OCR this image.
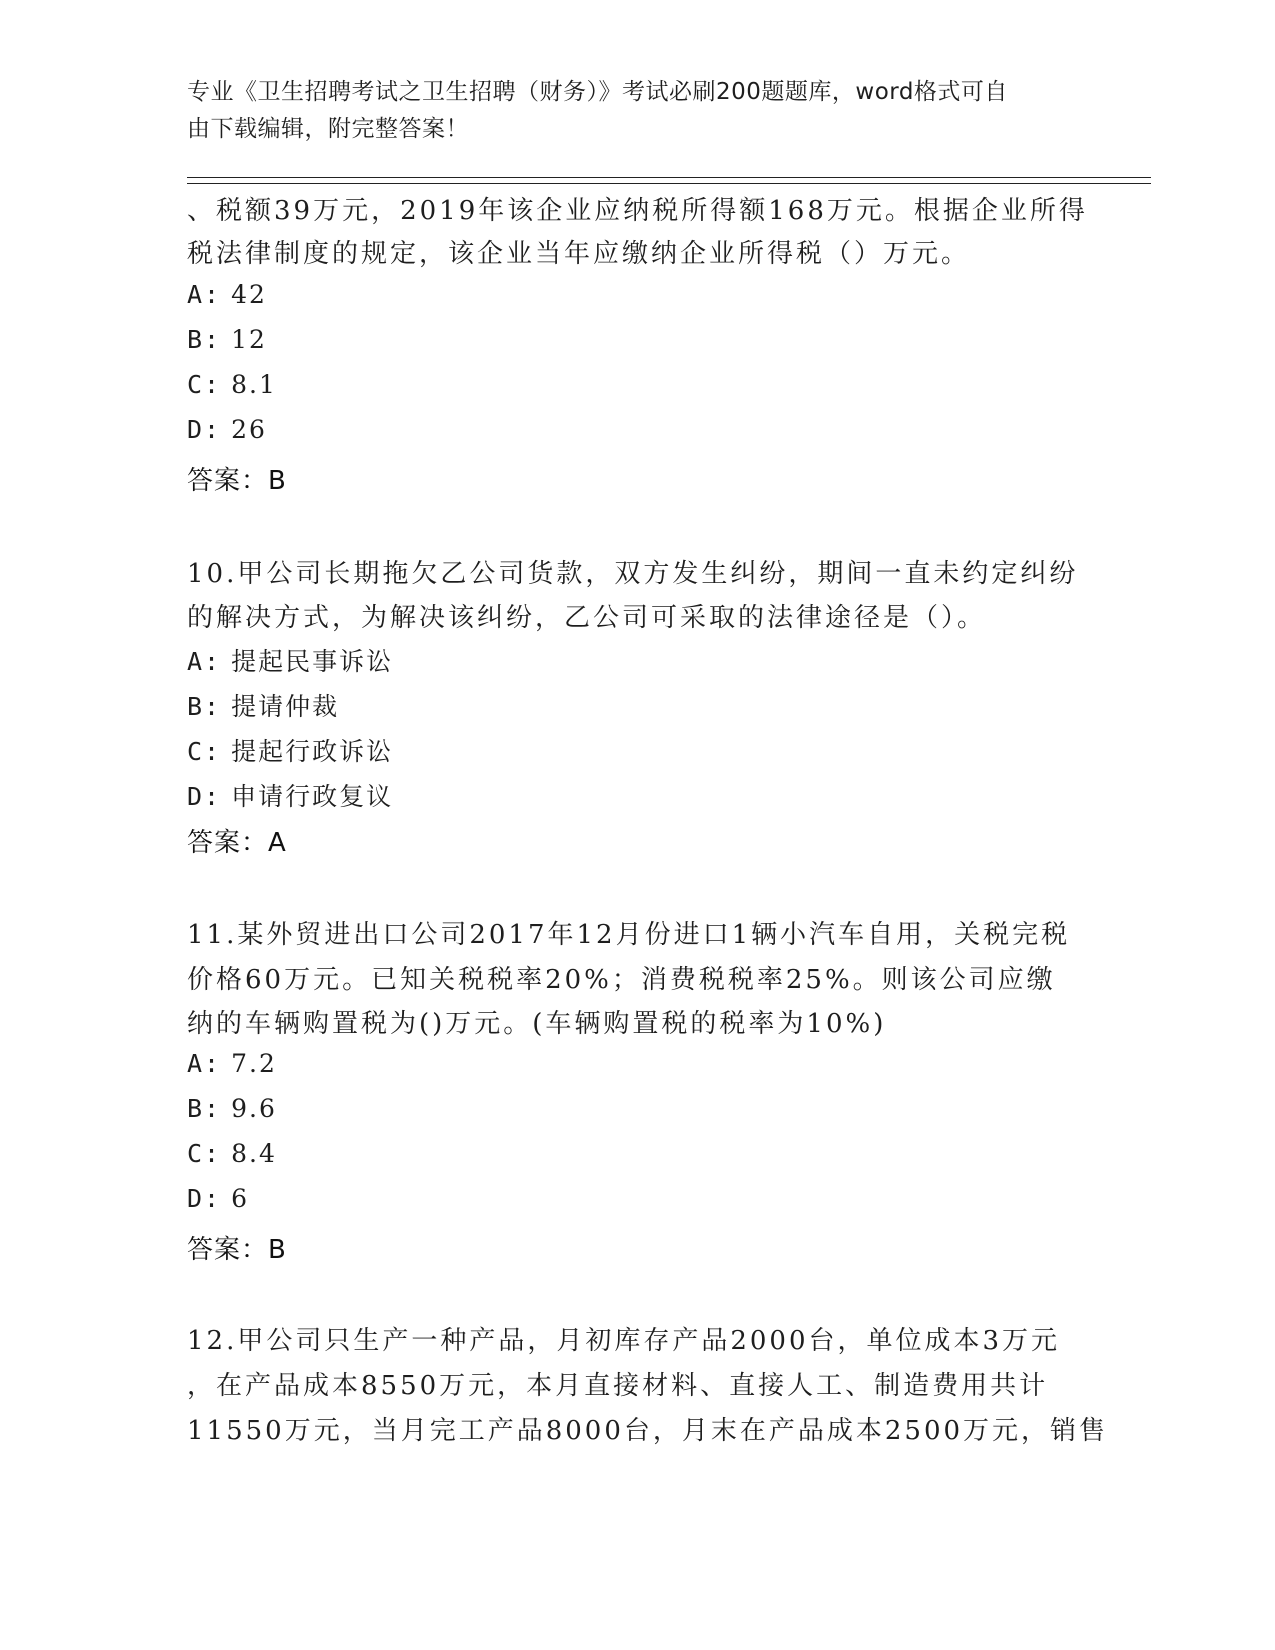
专业《卫生招聘考试之卫生招聘（财务）》考试必刷200题题库，word格式可自
由下载编辑，附完整答案！
、税额39万元，2019年该企业应纳税所得额168万元。根据企业所得
税法律制度的规定，该企业当年应缴纳企业所得税（）万元。
A: 42
B: 12
C: 8.1
D: 26
答案：B
10.甲公司长期拖欠乙公司货款，双方发生纠纷，期间一直未约定纠纷
的解决方式，为解决该纠纷，乙公司可采取的法律途径是（）。
A: 提起民事诉讼
B: 提请仲裁
C: 提起行政诉讼
D: 申请行政复议
答案：A
11.某外贸进出口公司2017年12月份进口1辆小汽车自用，关税完税
价格60万元。已知关税税率20%；消费税税率25%。则该公司应缴
纳的车辆购置税为()万元。(车辆购置税的税率为10%)
A: 7.2
B: 9.6
C: 8.4
D: 6
答案：B
12.甲公司只生产一种产品，月初库存产品2000台，单位成本3万元
，在产品成本8550万元，本月直接材料、直接人工、制造费用共计
11550万元，当月完工产品8000台，月末在产品成本2500万元，销售
